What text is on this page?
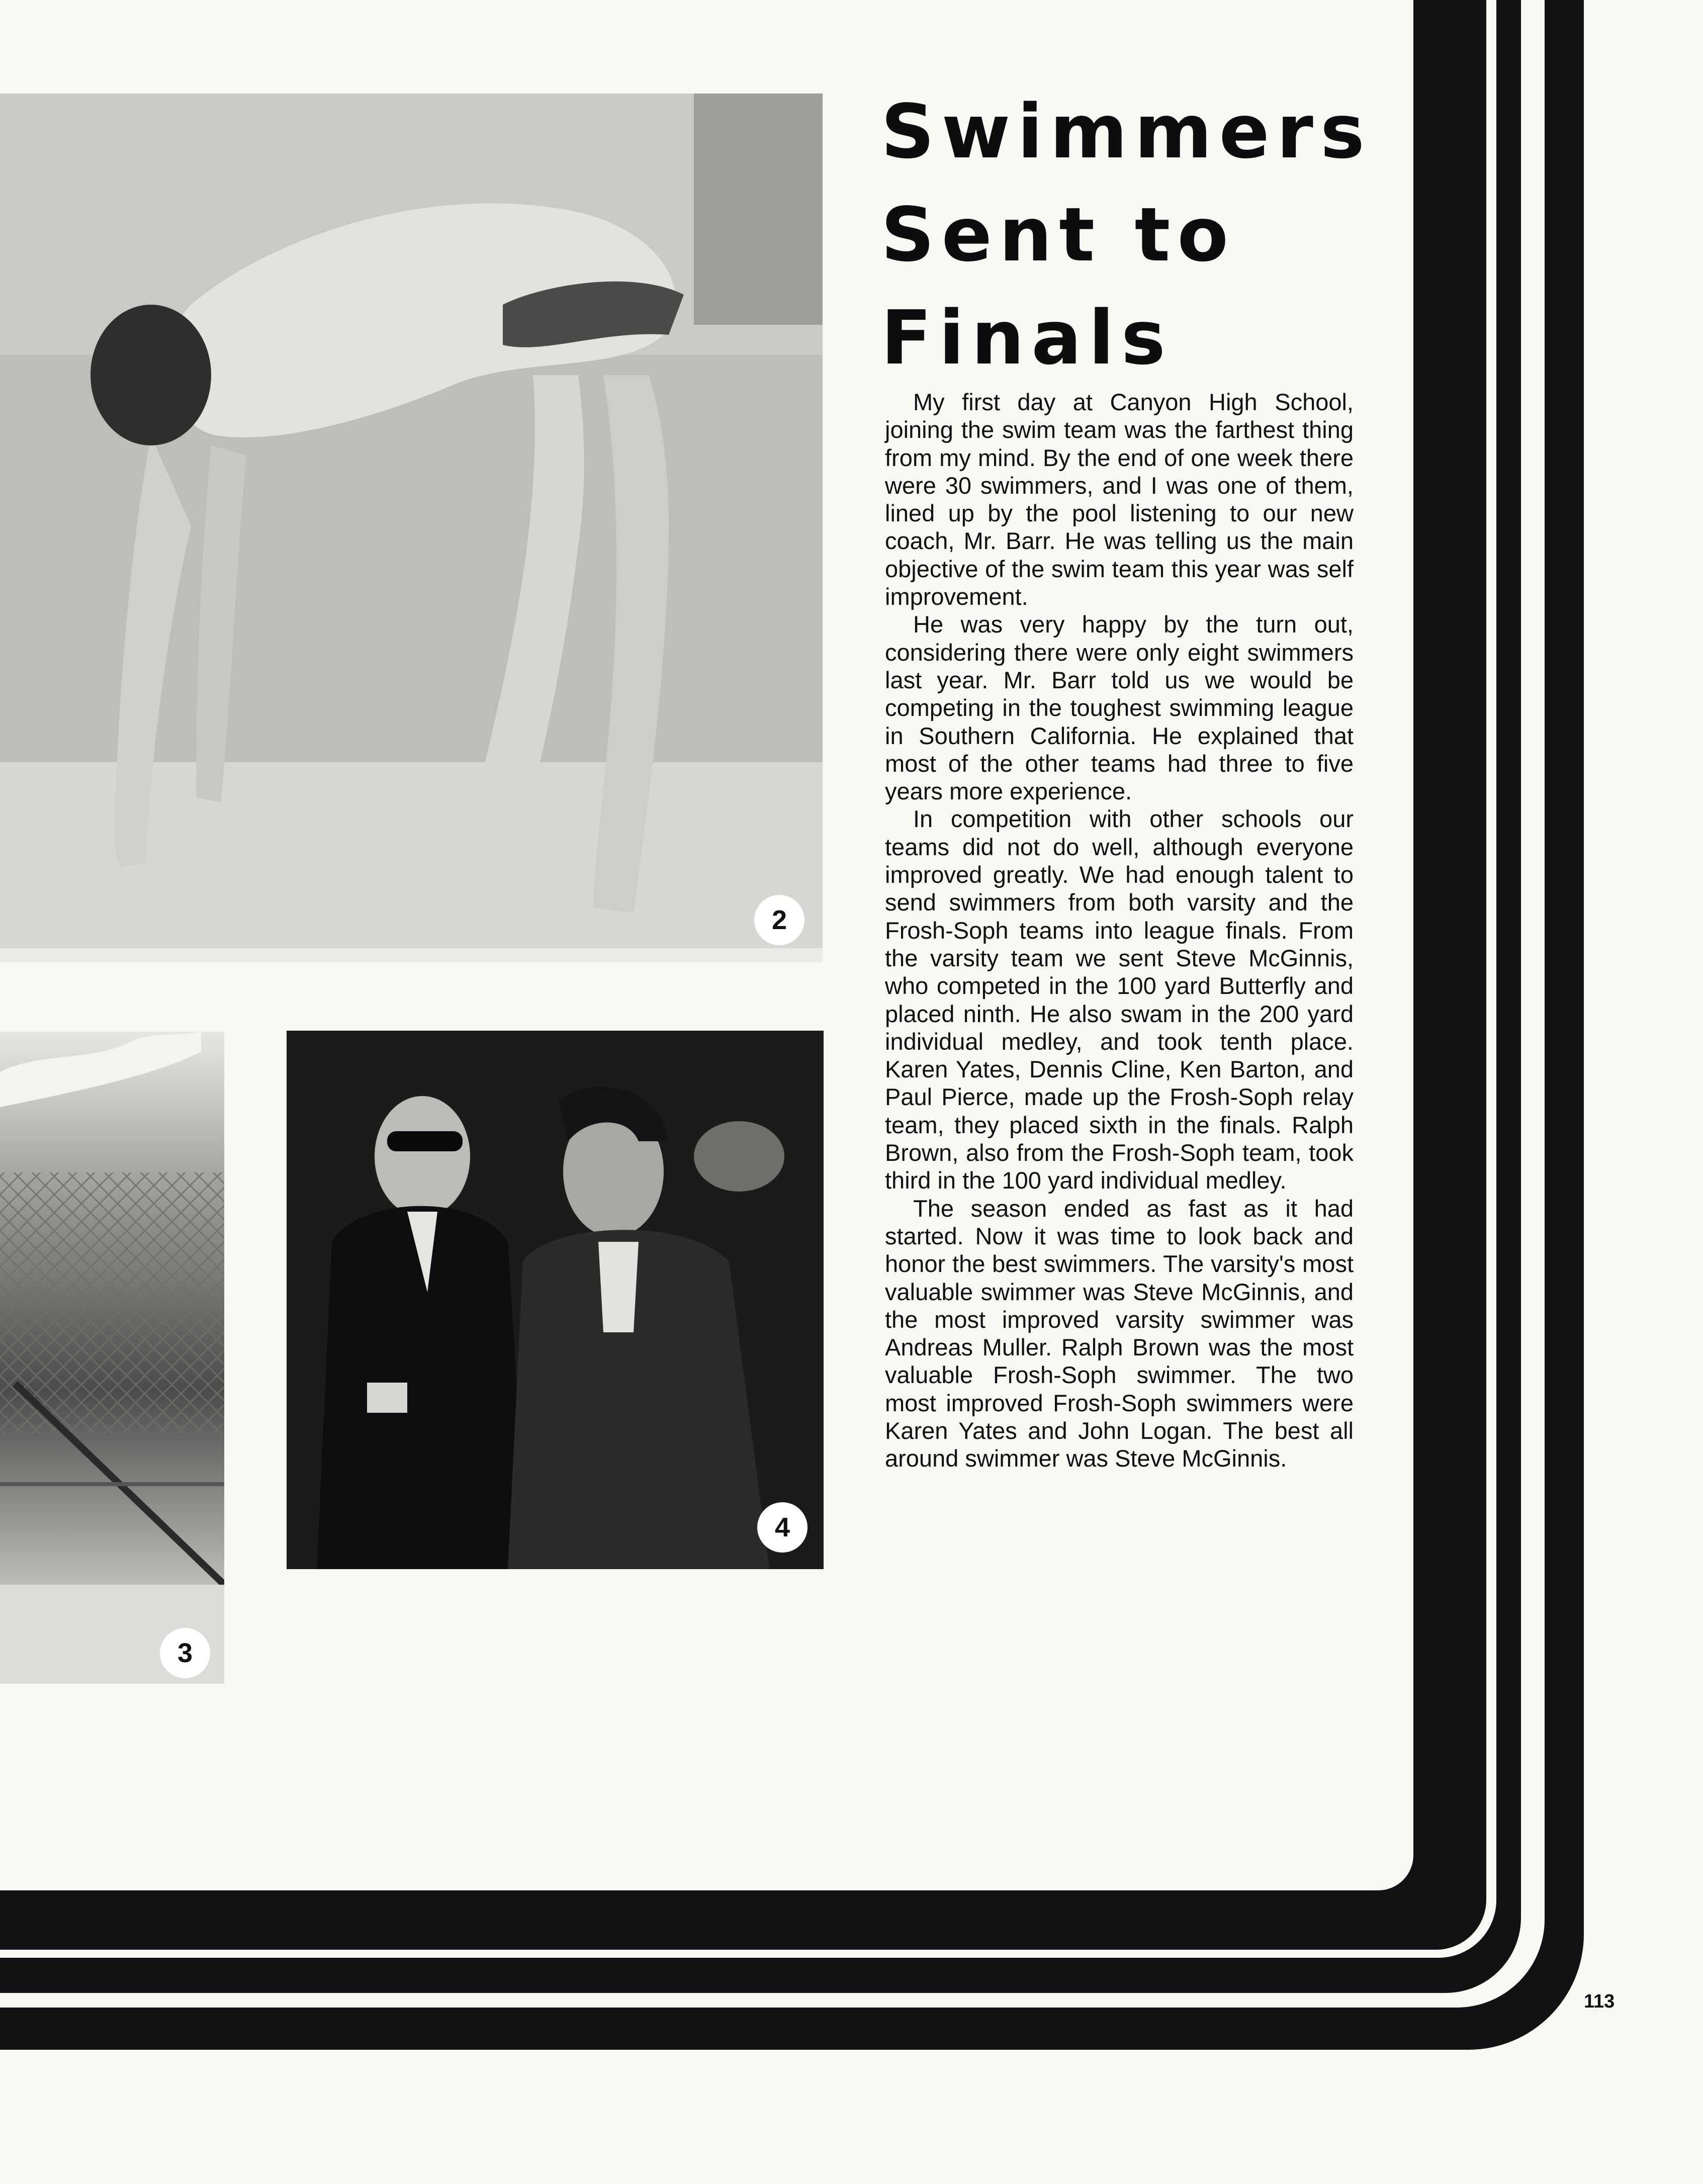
2
3
4
Swimmers
Sent to
Finals

My first day at Canyon High School, joining the swim team was the farthest thing from my mind. By the end of one week there were 30 swimmers, and I was one of them, lined up by the pool listening to our new coach, Mr. Barr. He was telling us the main objective of the swim team this year was self improvement.

He was very happy by the turn out, considering there were only eight swimmers last year. Mr. Barr told us we would be competing in the toughest swimming league in Southern California. He explained that most of the other teams had three to five years more experience.

In competition with other schools our teams did not do well, although everyone improved greatly. We had enough talent to send swimmers from both varsity and the Frosh-Soph teams into league finals. From the varsity team we sent Steve McGinnis, who competed in the 100 yard Butterfly and placed ninth. He also swam in the 200 yard individual medley, and took tenth place. Karen Yates, Dennis Cline, Ken Barton, and Paul Pierce, made up the Frosh-Soph relay team, they placed sixth in the finals. Ralph Brown, also from the Frosh-Soph team, took third in the 100 yard individual medley.

The season ended as fast as it had started. Now it was time to look back and honor the best swimmers. The varsity's most valuable swimmer was Steve McGinnis, and the most improved varsity swimmer was Andreas Muller. Ralph Brown was the most valuable Frosh-Soph swimmer. The two most improved Frosh-Soph swimmers were Karen Yates and John Logan. The best all around swimmer was Steve McGinnis.

113
